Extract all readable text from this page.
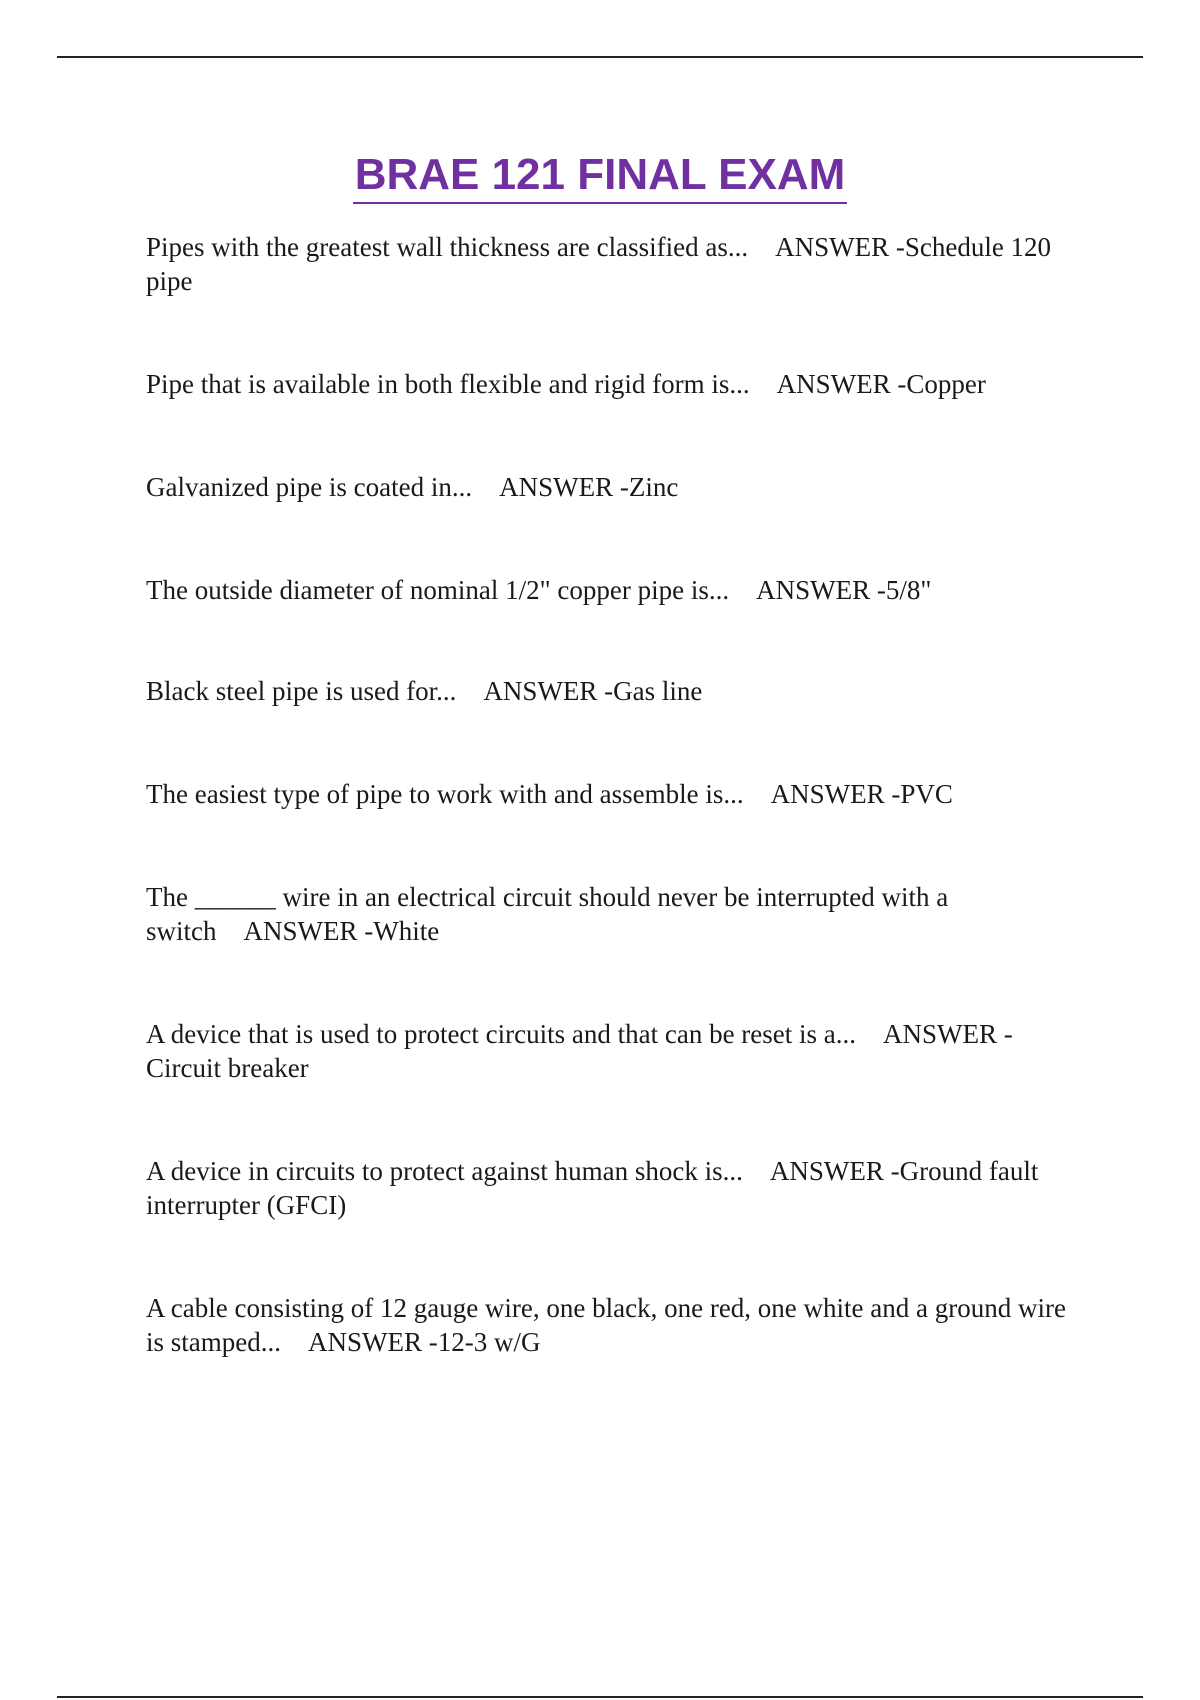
BRAE 121 FINAL EXAM

Pipes with the greatest wall thickness are classified as... ANSWER -Schedule 120 pipe

Pipe that is available in both flexible and rigid form is... ANSWER -Copper

Galvanized pipe is coated in... ANSWER -Zinc

The outside diameter of nominal 1/2" copper pipe is... ANSWER -5/8"

Black steel pipe is used for... ANSWER -Gas line

The easiest type of pipe to work with and assemble is... ANSWER -PVC

The ______ wire in an electrical circuit should never be interrupted with a switch ANSWER -White

A device that is used to protect circuits and that can be reset is a... ANSWER - Circuit breaker

A device in circuits to protect against human shock is... ANSWER -Ground fault interrupter (GFCI)

A cable consisting of 12 gauge wire, one black, one red, one white and a ground wire is stamped... ANSWER -12-3 w/G
